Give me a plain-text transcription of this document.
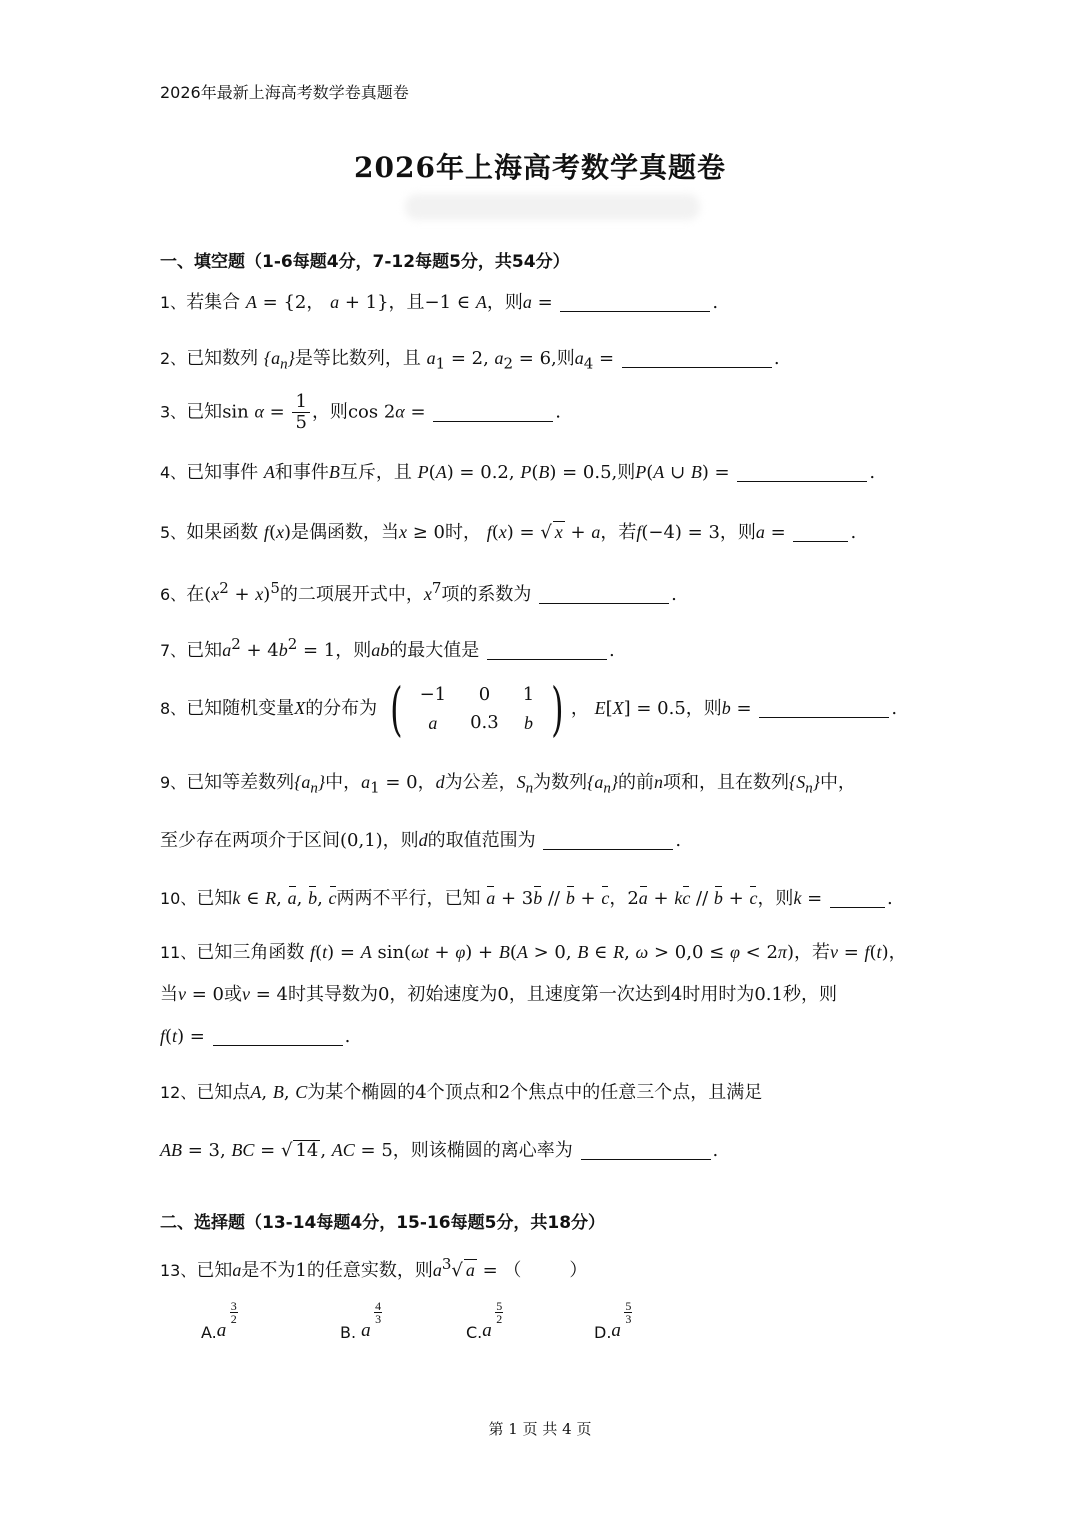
2026年最新上海高考数学卷真题卷
2026年上海高考数学真题卷
一、填空题（1-6每题4分，7-12每题5分，共54分）
1、若集合 A = {2， a + 1}，且−1 ∈ A，则a =	.
2、已知数列 $\{a_n\}$是等比数列，且 $a_1 = 2$, $a_2 = 6$,则$a_4$ =	.
3、已知$\sin \alpha = \frac{1}{5}$ ，则cos 2α =	.
4、已知事件 A和事件B互斥，且 P(A) = 0.2, P(B) = 0.5,则P(A ∪ B) =	.
5、如果函数 f(x)是偶函数，当x ≥ 0时， f(x) = √ x + a，若f(−4) = 3，则a =	.
6、在$(x^2 + x)^5$的二项展开式中，$x^7$项的系数为	.
7、已知$a^2 + 4b^2 = 1$，则ab的最大值是	.
8、已知随机变量X的分布为 ( −1	0	1
a	0.3	b ) ， E[X] = 0.5，则b =	.
9、已知等差数列$\{a_n\}$中，$a_1 = 0$，d为公差，$S_n$为数列$\{a_n\}$的前n项和，且在数列$\{S_n\}$中，
至少存在两项介于区间(0,1)，则d的取值范围为	.
10、已知k ∈ R, a, b, c两两不平行，已知 a + 3b // b + c，2a + kc // b + c，则k =	.
11、已知三角函数 f(t) = A sin(ωt + φ) + B(A > 0, B ∈ R, ω > 0,0 ≤ φ < 2π)，若v = f(t)，
当v = 0或v = 4时其导数为0，初始速度为0，且速度第一次达到4时用时为0.1秒，则
f(t) =	.
12、已知点A, B, C为某个椭圆的4个顶点和2个焦点中的任意三个点，且满足
AB = 3, BC = √ 14 , AC = 5，则该椭圆的离心率为	.
二、选择题（13-14每题4分，15-16每题5分，共18分）
13、已知a是不为1的任意实数，则$a^3√$ a = （	）
A. a
3
2
B. a
4
3
C. a
5
2
D. a
5
3
第 1 页 共 4 页
